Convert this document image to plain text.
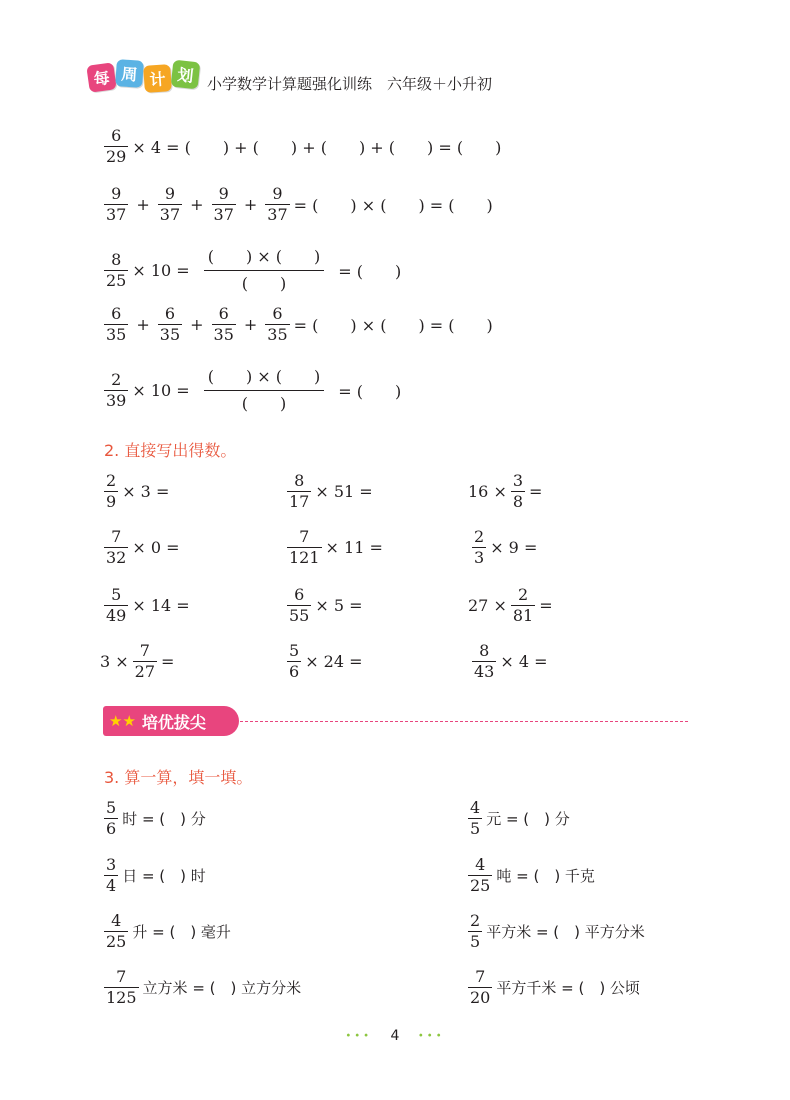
每 周 计 划 小学数学计算题强化训练　六年级＋小升初
$\frac{6}{29} \times 4$ = (　　) + (　　) + (　　) + (　　) = (　　)
$\frac{9}{37} + \frac{9}{37} + \frac{9}{37} + \frac{9}{37}$ = (　　) × (　　) = (　　)
$\frac{8}{25} \times 10$ =
(　　) × (　　)
(　　)
= (　　)
$\frac{6}{35} + \frac{6}{35} + \frac{6}{35} + \frac{6}{35}$ = (　　) × (　　) = (　　)
$\frac{2}{39} \times 10$ =
(　　) × (　　)
(　　)
= (　　)
2. 直接写出得数。
$\frac{2}{9} \times 3$ =	$\frac{8}{17} \times 51$ =	$16 \times \frac{3}{8}$ =
$\frac{7}{32} \times 0$ =	$\frac{7}{121} \times 11$ =	$\frac{2}{3} \times 9$ =
$\frac{5}{49} \times 14$ =	$\frac{6}{55} \times 5$ =	$27 \times \frac{2}{81}$ =
$3 \times \frac{7}{27}$ =	$\frac{5}{6} \times 24$ =	$\frac{8}{43} \times 4$ =
★★ 培优拔尖
3. 算一算，填一填。
$\frac{5}{6}$ 时 = (　) 分	$\frac{4}{5}$ 元 = (　) 分
$\frac{3}{4}$ 日 = (　) 时	$\frac{4}{25}$ 吨 = (　) 千克
$\frac{4}{25}$ 升 = (　) 毫升	$\frac{2}{5}$ 平方米 = (　) 平方分米
$\frac{7}{125}$ 立方米 = (　) 立方分米	$\frac{7}{20}$ 平方千米 = (　) 公顷
••• 4 •••
